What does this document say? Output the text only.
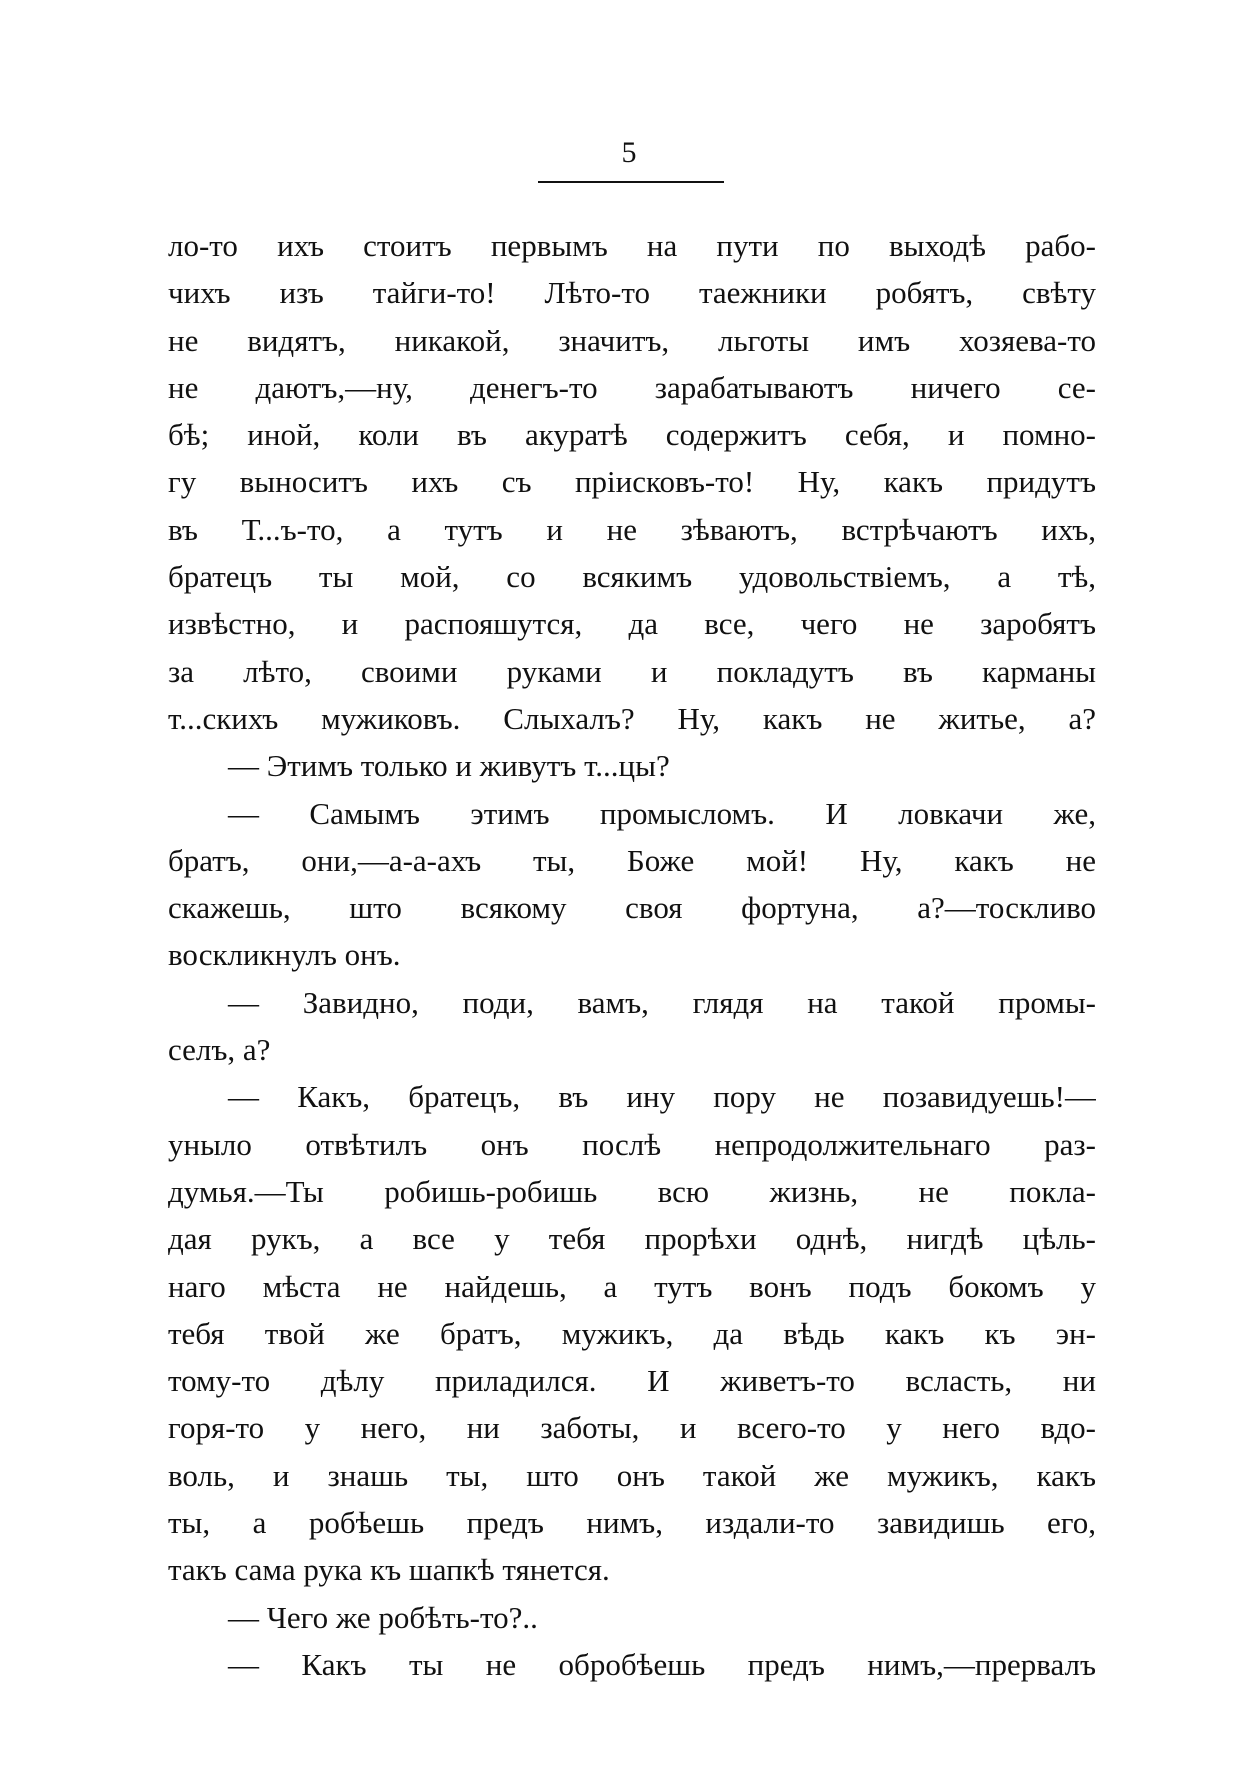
5
ло-то ихъ стоитъ первымъ на пути по выходѣ рабо-
чихъ изъ тайги-то! Лѣто-то таежники робятъ, свѣту
не видятъ, никакой, значитъ, льготы имъ хозяева-то
не даютъ,—ну, денегъ-то зарабатываютъ ничего се-
бѣ; иной, коли въ акуратѣ содержитъ себя, и помно-
гу выноситъ ихъ съ пріисковъ-то! Ну, какъ придутъ
въ Т...ъ-то, а тутъ и не зѣваютъ, встрѣчаютъ ихъ,
братецъ ты мой, со всякимъ удовольствіемъ, а тѣ,
извѣстно, и распояшутся, да все, чего не заробятъ
за лѣто, своими руками и покладутъ въ карманы
т...скихъ мужиковъ. Слыхалъ? Ну, какъ не житье, а?
— Этимъ только и живутъ т...цы?
— Самымъ этимъ промысломъ. И ловкачи же,
братъ, они,—а-а-ахъ ты, Боже мой! Ну, какъ не
скажешь, што всякому своя фортуна, а?—тоскливо
воскликнулъ онъ.
— Завидно, поди, вамъ, глядя на такой промы-
селъ, а?
— Какъ, братецъ, въ ину пору не позавидуешь!—
уныло отвѣтилъ онъ послѣ непродолжительнаго раз-
думья.—Ты робишь-робишь всю жизнь, не покла-
дая рукъ, а все у тебя прорѣхи однѣ, нигдѣ цѣль-
наго мѣста не найдешь, а тутъ вонъ подъ бокомъ у
тебя твой же братъ, мужикъ, да вѣдь какъ къ эн-
тому-то дѣлу приладился. И живетъ-то всласть, ни
горя-то у него, ни заботы, и всего-то у него вдо-
воль, и знашь ты, што онъ такой же мужикъ, какъ
ты, а робѣешь предъ нимъ, издали-то завидишь его,
такъ сама рука къ шапкѣ тянется.
— Чего же робѣть-то?..
— Какъ ты не обробѣешь предъ нимъ,—прервалъ
